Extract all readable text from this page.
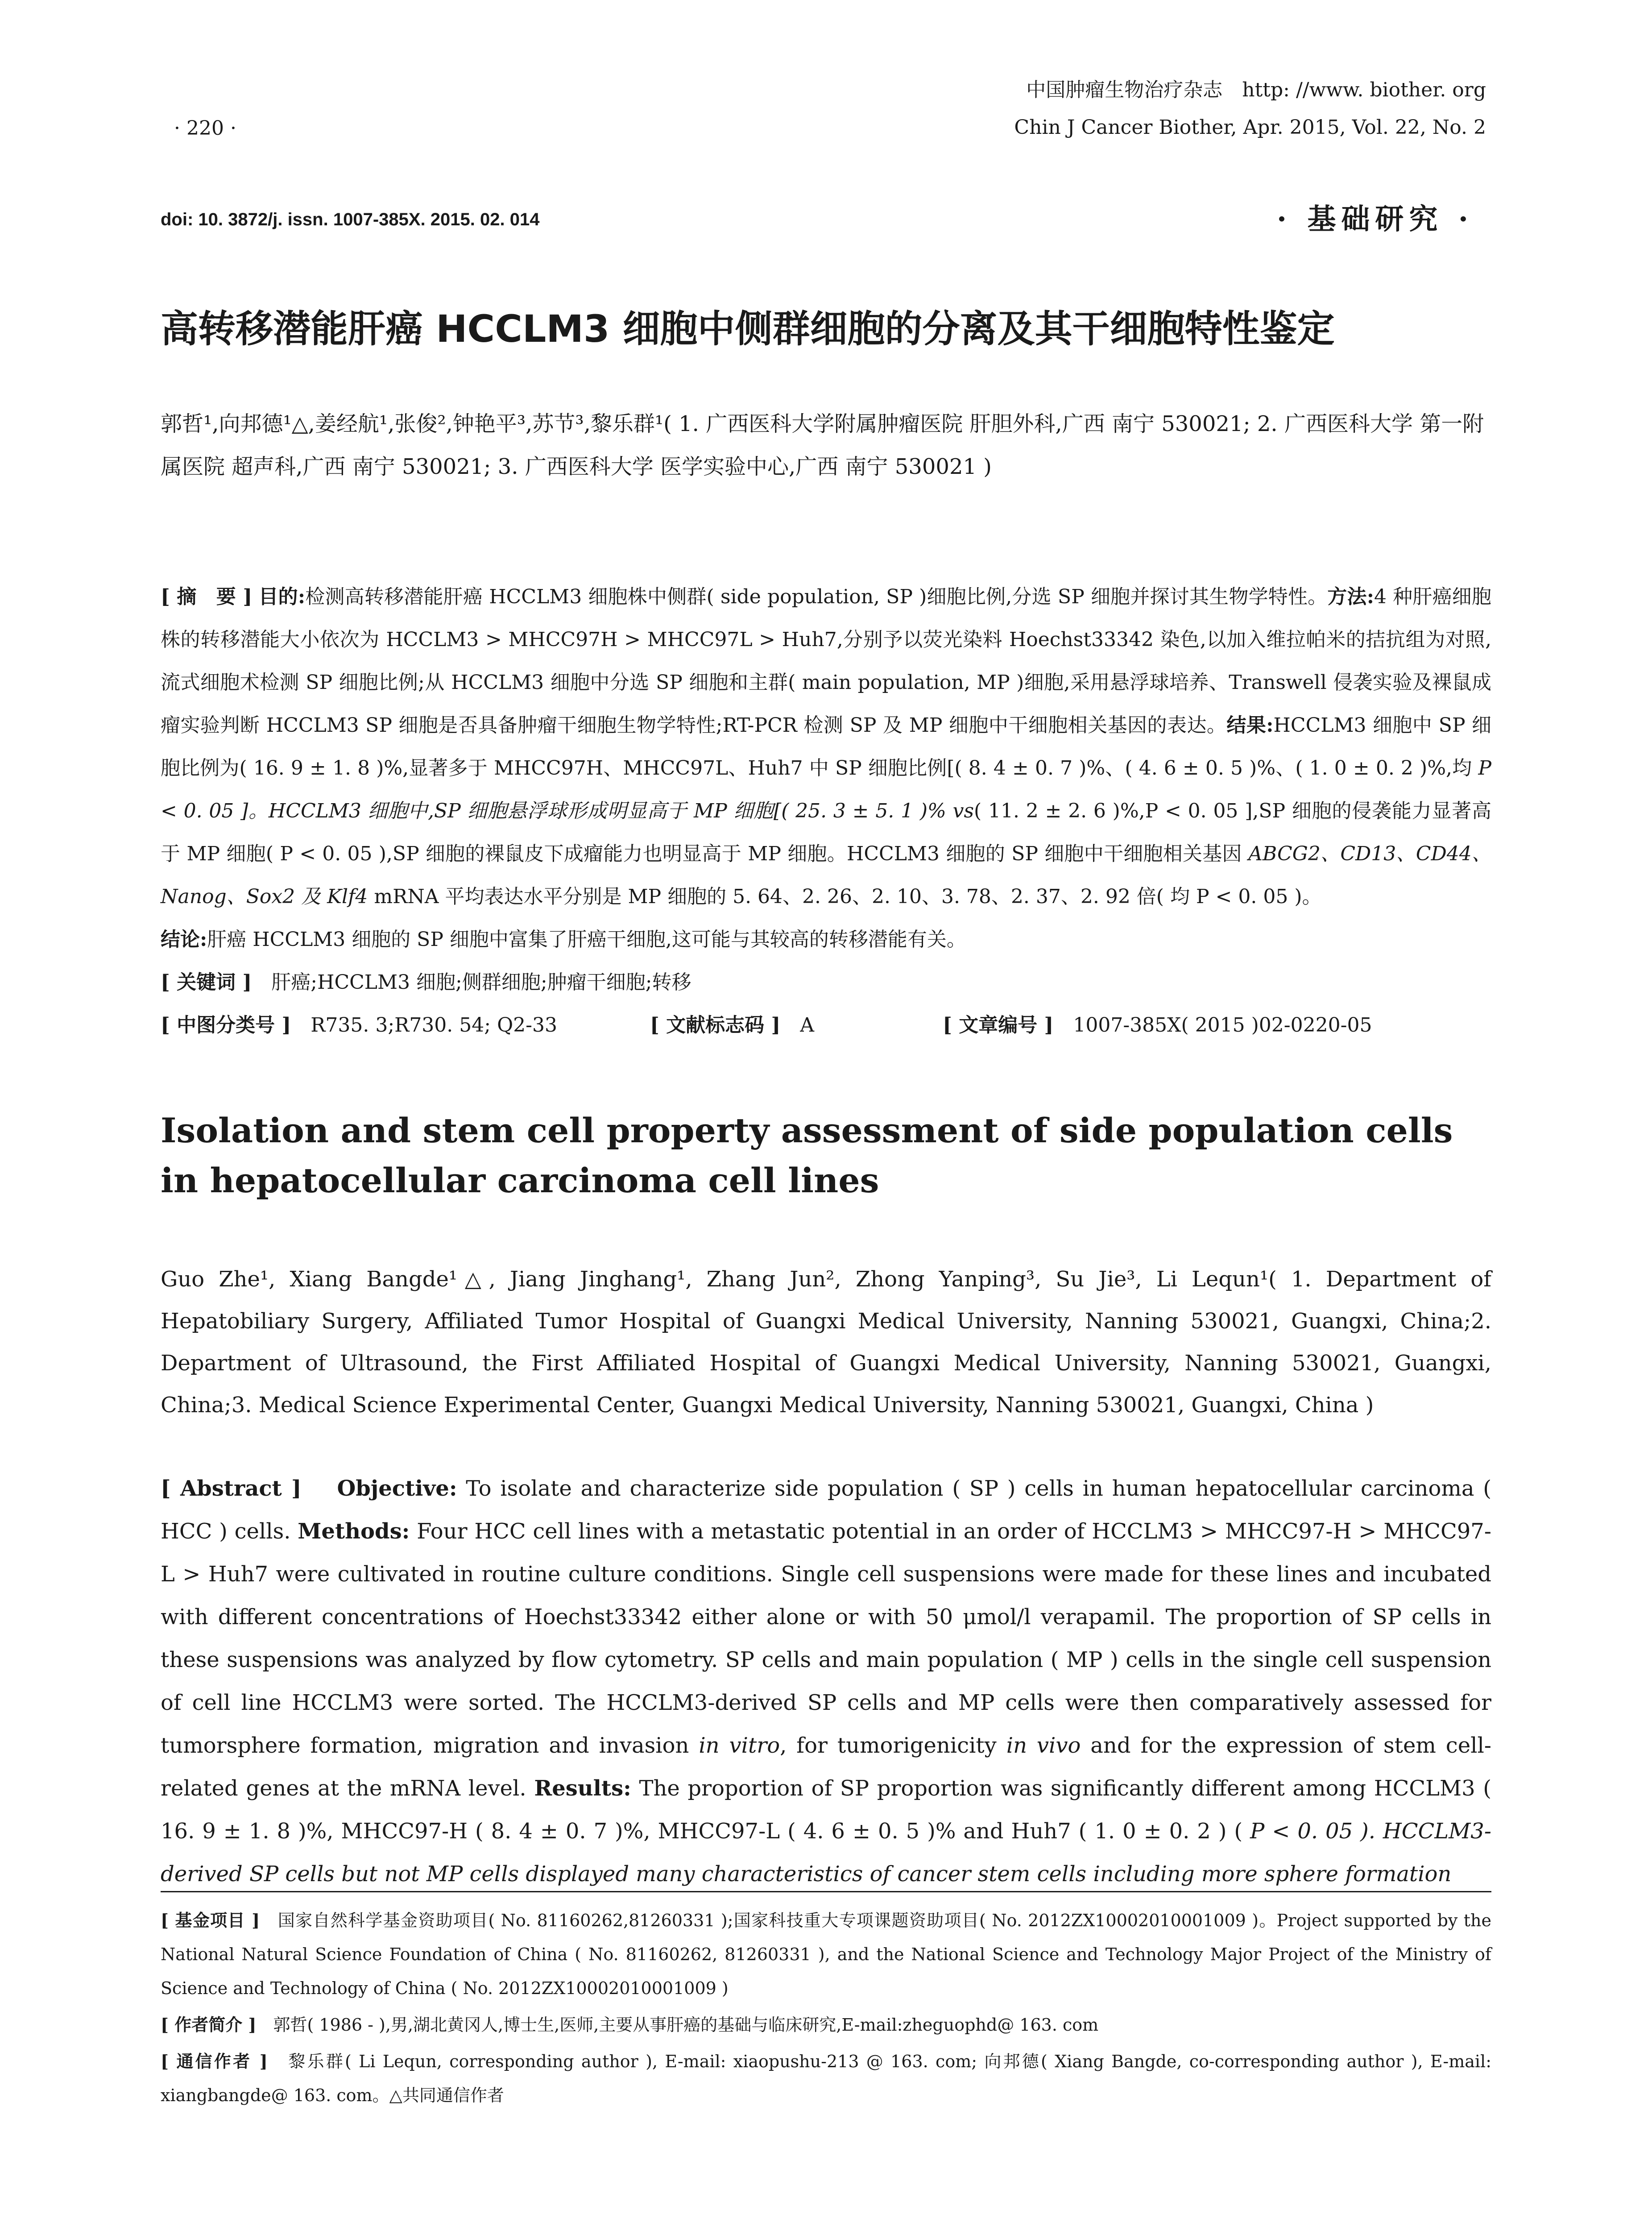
· 220 ·
中国肿瘤生物治疗杂志　http: //www. biother. org
Chin J Cancer Biother, Apr. 2015, Vol. 22, No. 2
doi: 10. 3872/j. issn. 1007-385X. 2015. 02. 014	· 基础研究 ·
高转移潜能肝癌 HCCLM3 细胞中侧群细胞的分离及其干细胞特性鉴定
郭哲¹,向邦德¹△,姜经航¹,张俊²,钟艳平³,苏节³,黎乐群¹( 1. 广西医科大学附属肿瘤医院 肝胆外科,广西 南宁 530021; 2. 广西医科大学 第一附属医院 超声科,广西 南宁 530021; 3. 广西医科大学 医学实验中心,广西 南宁 530021 )

[ 摘　要 ] 目的:检测高转移潜能肝癌 HCCLM3 细胞株中侧群( side population, SP )细胞比例,分选 SP 细胞并探讨其生物学特性。方法:4 种肝癌细胞株的转移潜能大小依次为 HCCLM3 > MHCC97H > MHCC97L > Huh7,分别予以荧光染料 Hoechst33342 染色,以加入维拉帕米的拮抗组为对照,流式细胞术检测 SP 细胞比例;从 HCCLM3 细胞中分选 SP 细胞和主群( main population, MP )细胞,采用悬浮球培养、Transwell 侵袭实验及裸鼠成瘤实验判断 HCCLM3 SP 细胞是否具备肿瘤干细胞生物学特性;RT-PCR 检测 SP 及 MP 细胞中干细胞相关基因的表达。结果:HCCLM3 细胞中 SP 细胞比例为( 16. 9 ± 1. 8 )%,显著多于 MHCC97H、MHCC97L、Huh7 中 SP 细胞比例[( 8. 4 ± 0. 7 )%、( 4. 6 ± 0. 5 )%、( 1. 0 ± 0. 2 )%,均 P < 0. 05 ]。HCCLM3 细胞中,SP 细胞悬浮球形成明显高于 MP 细胞[( 25. 3 ± 5. 1 )% vs( 11. 2 ± 2. 6 )%,P < 0. 05 ],SP 细胞的侵袭能力显著高于 MP 细胞( P < 0. 05 ),SP 细胞的裸鼠皮下成瘤能力也明显高于 MP 细胞。HCCLM3 细胞的 SP 细胞中干细胞相关基因 ABCG2、CD13、CD44、Nanog、Sox2 及 Klf4 mRNA 平均表达水平分别是 MP 细胞的 5. 64、2. 26、2. 10、3. 78、2. 37、2. 92 倍( 均 P < 0. 05 )。

结论:肝癌 HCCLM3 细胞的 SP 细胞中富集了肝癌干细胞,这可能与其较高的转移潜能有关。

[ 关键词 ]　 肝癌;HCCLM3 细胞;侧群细胞;肿瘤干细胞;转移

[ 中图分类号 ]　 R735. 3;R730. 54; Q2-33	[ 文献标志码 ]　 A	[ 文章编号 ]　 1007-385X( 2015 )02-0220-05

Isolation and stem cell property assessment of side population cells in hepatocellular carcinoma cell lines
Guo Zhe¹, Xiang Bangde¹△, Jiang Jinghang¹, Zhang Jun², Zhong Yanping³, Su Jie³, Li Lequn¹( 1. Department of Hepatobiliary Surgery, Affiliated Tumor Hospital of Guangxi Medical University, Nanning 530021, Guangxi, China;2. Department of Ultrasound, the First Affiliated Hospital of Guangxi Medical University, Nanning 530021, Guangxi, China;3. Medical Science Experimental Center, Guangxi Medical University, Nanning 530021, Guangxi, China )
[ Abstract ] Objective: To isolate and characterize side population ( SP ) cells in human hepatocellular carcinoma ( HCC ) cells. Methods: Four HCC cell lines with a metastatic potential in an order of HCCLM3 > MHCC97-H > MHCC97-L > Huh7 were cultivated in routine culture conditions. Single cell suspensions were made for these lines and incubated with different concentrations of Hoechst33342 either alone or with 50 μmol/l verapamil. The proportion of SP cells in these suspensions was analyzed by flow cytometry. SP cells and main population ( MP ) cells in the single cell suspension of cell line HCCLM3 were sorted. The HCCLM3-derived SP cells and MP cells were then comparatively assessed for tumorsphere formation, migration and invasion in vitro, for tumorigenicity in vivo and for the expression of stem cell-related genes at the mRNA level. Results: The proportion of SP proportion was significantly different among HCCLM3 ( 16. 9 ± 1. 8 )%, MHCC97-H ( 8. 4 ± 0. 7 )%, MHCC97-L ( 4. 6 ± 0. 5 )% and Huh7 ( 1. 0 ± 0. 2 ) ( P < 0. 05 ). HCCLM3-derived SP cells but not MP cells displayed many characteristics of cancer stem cells including more sphere formation

[ 基金项目 ]　 国家自然科学基金资助项目( No. 81160262,81260331 );国家科技重大专项课题资助项目( No. 2012ZX10002010001009 )。Project supported by the National Natural Science Foundation of China ( No. 81160262, 81260331 ), and the National Science and Technology Major Project of the Ministry of Science and Technology of China ( No. 2012ZX10002010001009 )

[ 作者简介 ]　 郭哲( 1986 - ),男,湖北黄冈人,博士生,医师,主要从事肝癌的基础与临床研究,E-mail:zheguophd@ 163. com

[ 通信作者 ]　 黎乐群( Li Lequn, corresponding author ), E-mail: xiaopushu-213 @ 163. com; 向邦德( Xiang Bangde, co-corresponding author ), E-mail: xiangbangde@ 163. com。△共同通信作者
